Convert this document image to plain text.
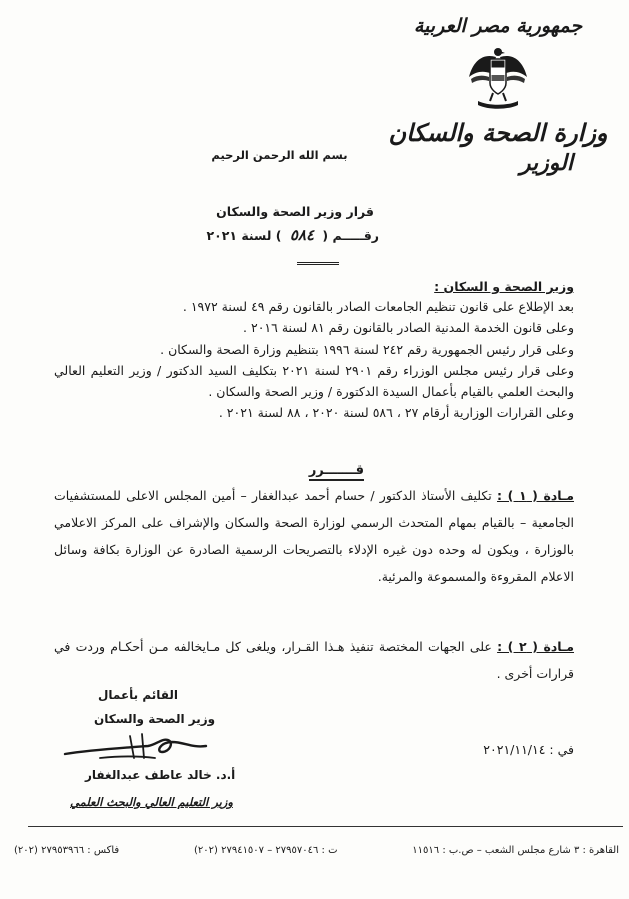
جمهورية مصر العربية

وزارة الصحة والسكان

الوزير

بسم الله الرحمن الرحيم
قرار وزير الصحة والسكان
رقـــــم ( ٥٨٤ ) لسنة ٢٠٢١
وزير الصحة و السكان :

بعد الإطلاع على قانون تنظيم الجامعات الصادر بالقانون رقم ٤٩ لسنة ١٩٧٢ .

وعلى قانون الخدمة المدنية الصادر بالقانون رقم ٨١ لسنة ٢٠١٦ .

وعلى قرار رئيس الجمهورية رقم ٢٤٢ لسنة ١٩٩٦ بتنظيم وزارة الصحة والسكان .

وعلى قرار رئيس مجلس الوزراء رقم ٢٩٠١ لسنة ٢٠٢١ بتكليف السيد الدكتور / وزير التعليم العالي والبحث العلمي بالقيام بأعمال السيدة الدكتورة / وزير الصحة والسكان .

وعلى القرارات الوزارية أرقام ٢٧ ، ٥٨٦ لسنة ٢٠٢٠ ، ٨٨ لسنة ٢٠٢١ .

قـــــــرر

مـادة ( ١ ) : تكليف الأستاذ الدكتور / حسام أحمد عبدالغفار – أمين المجلس الاعلى للمستشفيات الجامعية – بالقيام بمهام المتحدث الرسمي لوزارة الصحة والسكان والإشراف على المركز الاعلامي بالوزارة ، ويكون له وحده دون غيره الإدلاء بالتصريحات الرسمية الصادرة عن الوزارة بكافة وسائل الاعلام المقروءة والمسموعة والمرئية.

مـادة ( ٢ ) : على الجهات المختصة تنفيذ هـذا القـرار، ويلغى كل مـايخالفه مـن أحكـام وردت في قرارات أخرى .

القائم بأعمال
وزير الصحة والسكان
أ.د. خالد عاطف عبدالغفار
وزير التعليم العالي والبحث العلمي
في : ٢٠٢١/١١/١٤
القاهرة : ٣ شارع مجلس الشعب – ص.ب : ١١٥١٦
ت : ٢٧٩٥٧٠٤٦ – ٢٧٩٤١٥٠٧ (٢٠٢)
فاكس : ٢٧٩٥٣٩٦٦ (٢٠٢)
